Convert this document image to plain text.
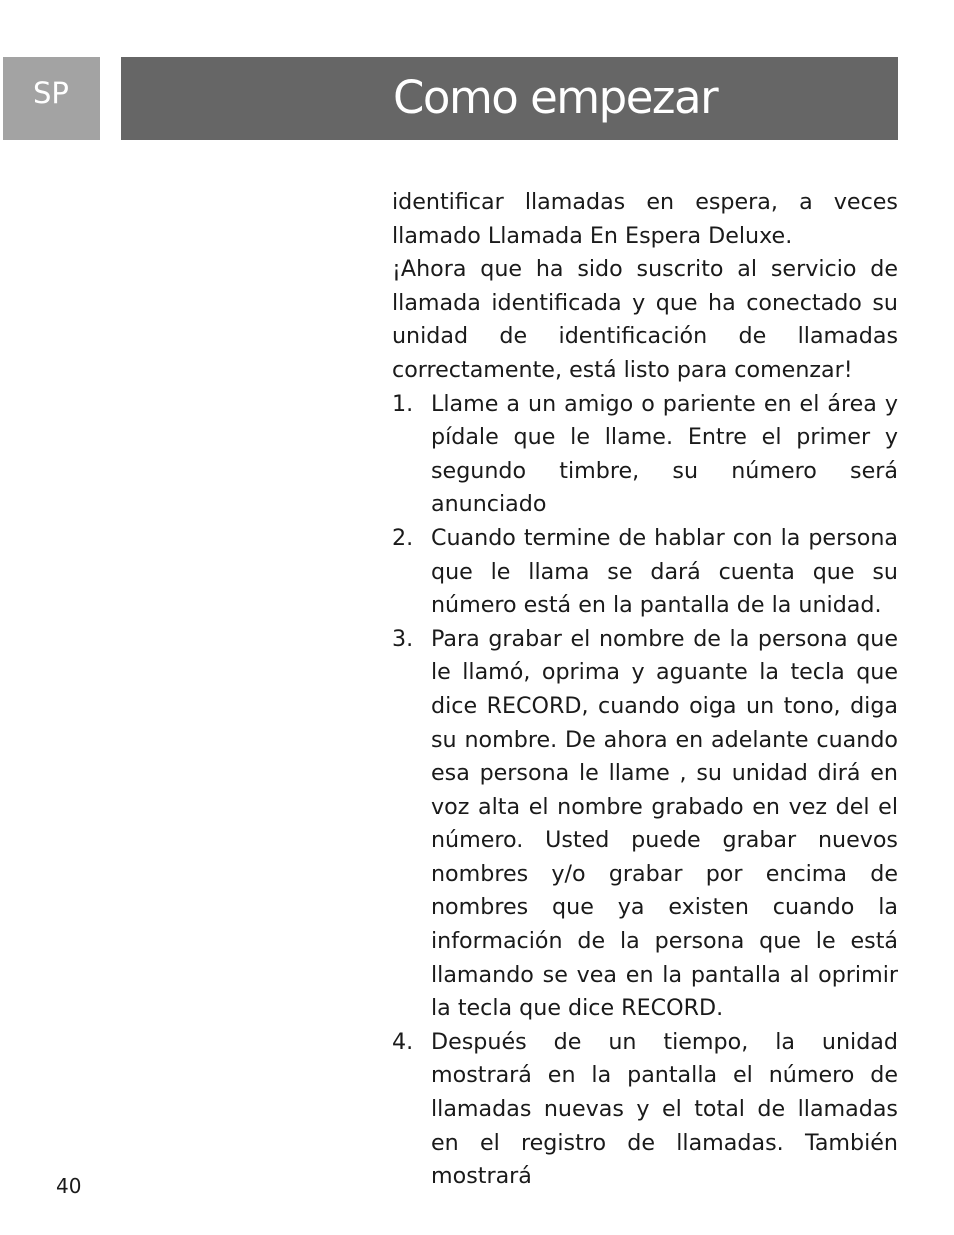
SP	Como empezar

identificar llamadas en espera, a veces llamado Llamada En Espera Deluxe.

¡Ahora que ha sido suscrito al servicio de llamada identificada y que ha conectado su unidad de identificación de llamadas correctamente, está listo para comenzar!

1. Llame a un amigo o pariente en el área y pídale que le llame. Entre el primer y segundo timbre, su número será anunciado
2. Cuando termine de hablar con la persona que le llama se dará cuenta que su número está en la pantalla de la unidad.
3. Para grabar el nombre de la persona que le llamó, oprima y aguante la tecla que dice RECORD, cuando oiga un tono, diga su nombre. De ahora en adelante cuando esa persona le llame , su unidad dirá en voz alta el nombre grabado en vez del el número. Usted puede grabar nuevos nombres y/o grabar por encima de nombres que ya existen cuando la información de la persona que le está llamando se vea en la pantalla al oprimir la tecla que dice RECORD.
4. Después de un tiempo, la unidad mostrará en la pantalla el número de llamadas nuevas y el total de llamadas en el registro de llamadas. También mostrará
40
